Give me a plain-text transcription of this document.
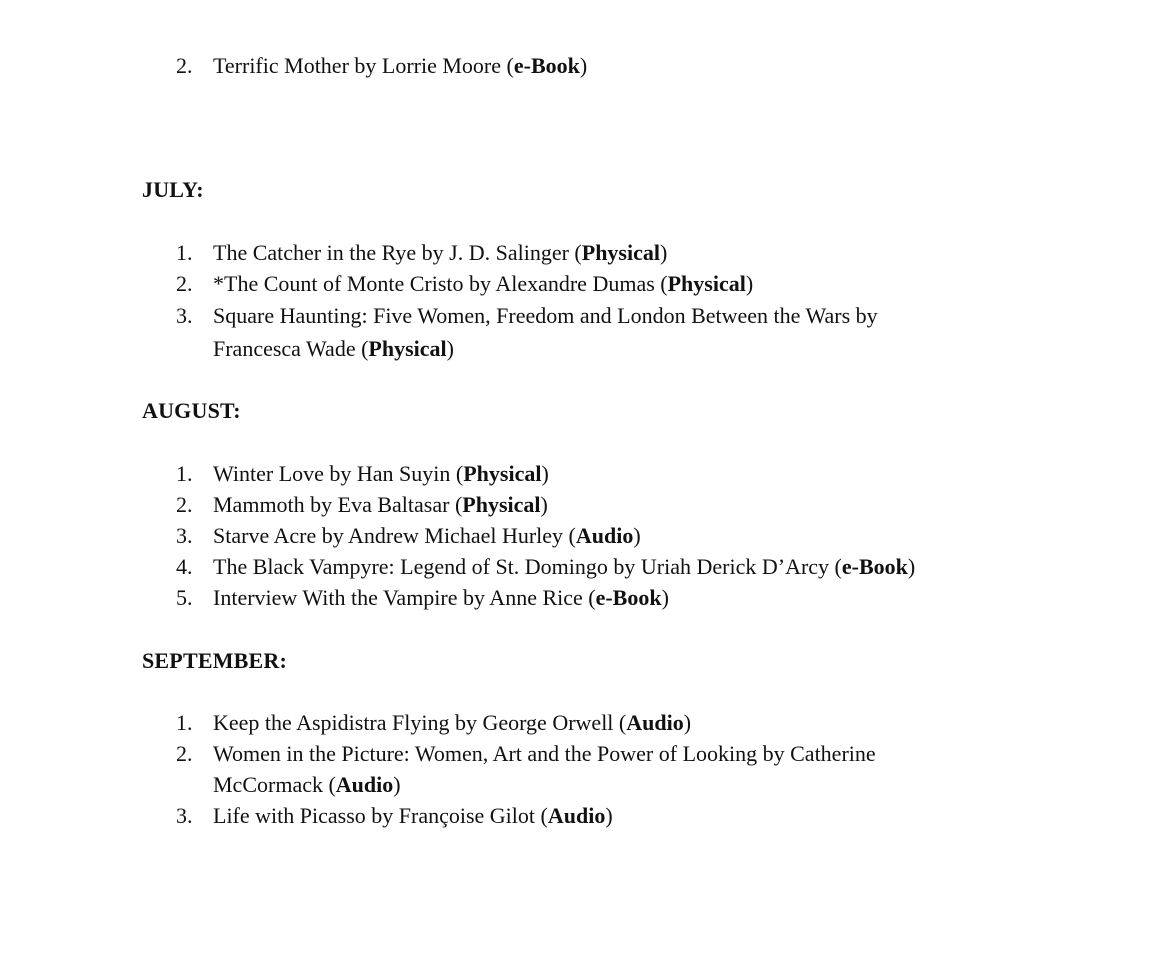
2. Terrific Mother by Lorrie Moore (e-Book)
JULY:
1. The Catcher in the Rye by J. D. Salinger (Physical)
2. *The Count of Monte Cristo by Alexandre Dumas (Physical)
3. Square Haunting: Five Women, Freedom and London Between the Wars by Francesca Wade (Physical)
AUGUST:
1. Winter Love by Han Suyin (Physical)
2. Mammoth by Eva Baltasar (Physical)
3. Starve Acre by Andrew Michael Hurley (Audio)
4. The Black Vampyre: Legend of St. Domingo by Uriah Derick D’Arcy (e-Book)
5. Interview With the Vampire by Anne Rice (e-Book)
SEPTEMBER:
1. Keep the Aspidistra Flying by George Orwell (Audio)
2. Women in the Picture: Women, Art and the Power of Looking by Catherine McCormack (Audio)
3. Life with Picasso by Françoise Gilot (Audio)
